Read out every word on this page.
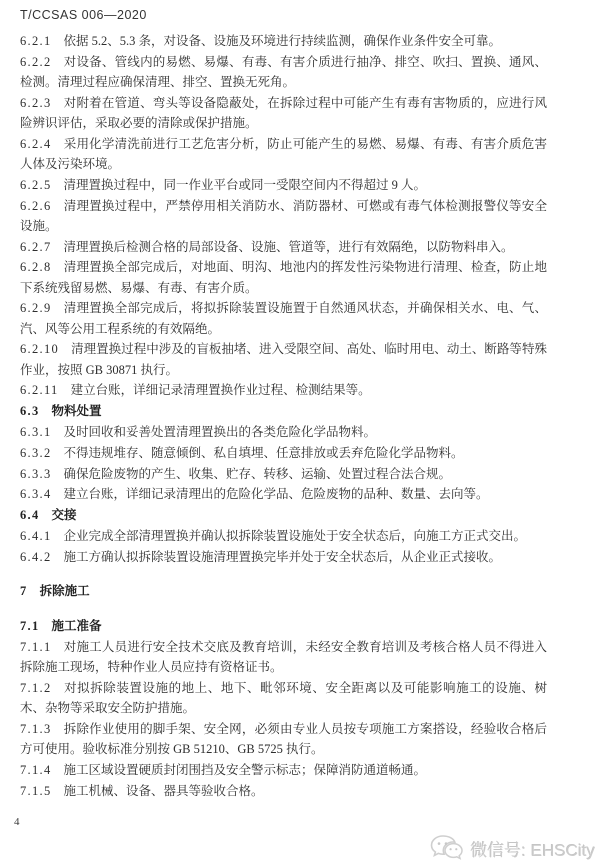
T/CCSAS 006—2020

6.2.1 依据 5.2、5.3 条，对设备、设施及环境进行持续监测，确保作业条件安全可靠。

6.2.2 对设备、管线内的易燃、易爆、有毒、有害介质进行抽净、排空、吹扫、置换、通风、检测。清理过程应确保清理、排空、置换无死角。

6.2.3 对附着在管道、弯头等设备隐蔽处，在拆除过程中可能产生有毒有害物质的，应进行风险辨识评估，采取必要的清除或保护措施。

6.2.4 采用化学清洗前进行工艺危害分析，防止可能产生的易燃、易爆、有毒、有害介质危害人体及污染环境。

6.2.5 清理置换过程中，同一作业平台或同一受限空间内不得超过 9 人。

6.2.6 清理置换过程中，严禁停用相关消防水、消防器材、可燃或有毒气体检测报警仪等安全设施。

6.2.7 清理置换后检测合格的局部设备、设施、管道等，进行有效隔绝，以防物料串入。

6.2.8 清理置换全部完成后，对地面、明沟、地池内的挥发性污染物进行清理、检查，防止地下系统残留易燃、易爆、有毒、有害介质。

6.2.9 清理置换全部完成后，将拟拆除装置设施置于自然通风状态，并确保相关水、电、气、汽、风等公用工程系统的有效隔绝。

6.2.10 清理置换过程中涉及的盲板抽堵、进入受限空间、高处、临时用电、动土、断路等特殊作业，按照 GB 30871 执行。

6.2.11 建立台账，详细记录清理置换作业过程、检测结果等。

6.3 物料处置

6.3.1 及时回收和妥善处置清理置换出的各类危险化学品物料。

6.3.2 不得违规堆存、随意倾倒、私自填埋、任意排放或丢弃危险化学品物料。

6.3.3 确保危险废物的产生、收集、贮存、转移、运输、处置过程合法合规。

6.3.4 建立台账，详细记录清理出的危险化学品、危险废物的品种、数量、去向等。

6.4 交接

6.4.1 企业完成全部清理置换并确认拟拆除装置设施处于安全状态后，向施工方正式交出。

6.4.2 施工方确认拟拆除装置设施清理置换完毕并处于安全状态后，从企业正式接收。

7 拆除施工

7.1 施工准备

7.1.1 对施工人员进行安全技术交底及教育培训，未经安全教育培训及考核合格人员不得进入拆除施工现场，特种作业人员应持有资格证书。

7.1.2 对拟拆除装置设施的地上、地下、毗邻环境、安全距离以及可能影响施工的设施、树木、杂物等采取安全防护措施。

7.1.3 拆除作业使用的脚手架、安全网，必须由专业人员按专项施工方案搭设，经验收合格后方可使用。验收标准分别按 GB 51210、GB 5725 执行。

7.1.4 施工区域设置硬质封闭围挡及安全警示标志；保障消防通道畅通。

7.1.5 施工机械、设备、器具等验收合格。

4
微信号: EHSCity
